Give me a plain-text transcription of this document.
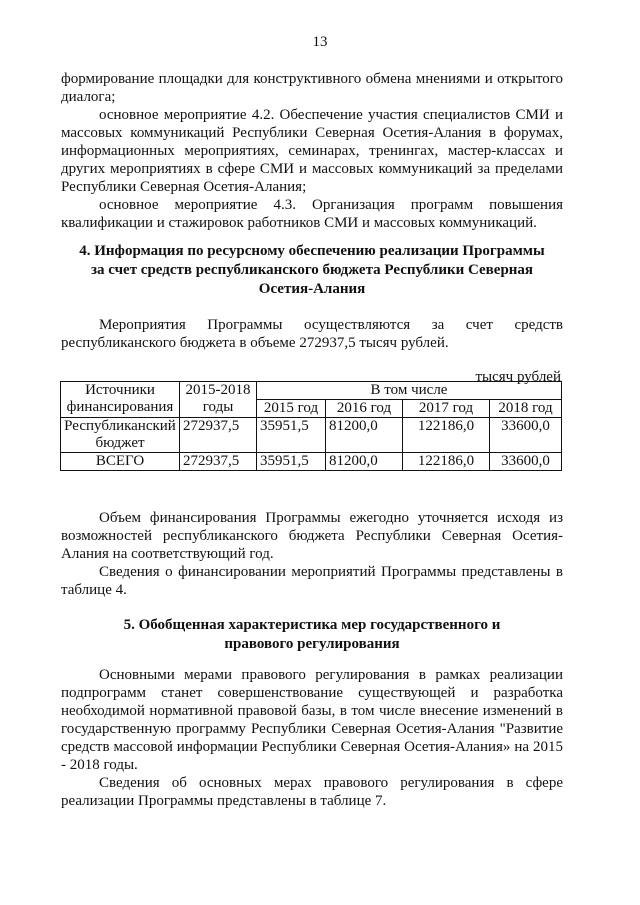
13

формирование площадки для конструктивного обмена мнениями и открытого диалога;

основное мероприятие 4.2. Обеспечение участия специалистов СМИ и массовых коммуникаций Республики Северная Осетия-Алания в форумах, информационных мероприятиях, семинарах, тренингах, мастер-классах и других мероприятиях в сфере СМИ и массовых коммуникаций за пределами Республики Северная Осетия-Алания;

основное мероприятие 4.3. Организация программ повышения квалификации и стажировок работников СМИ и массовых коммуникаций.

4. Информация по ресурсному обеспечению реализации Программы за счет средств республиканского бюджета Республики Северная Осетия-Алания
Мероприятия Программы осуществляются за счет средств республиканского бюджета в объеме 272937,5 тысяч рублей.
тысяч рублей
Источники финансирования	2015-2018 годы	В том числе			
		2015 год	2016 год	2017 год	2018 год
Республиканский бюджет	272937,5	35951,5	81200,0	122186,0	33600,0
ВСЕГО	272937,5	35951,5	81200,0	122186,0	33600,0

Объем финансирования Программы ежегодно уточняется исходя из возможностей республиканского бюджета Республики Северная Осетия-Алания на соответствующий год.

Сведения о финансировании мероприятий Программы представлены в таблице 4.

5. Обобщенная характеристика мер государственного и правового регулирования

Основными мерами правового регулирования в рамках реализации подпрограмм станет совершенствование существующей и разработка необходимой нормативной правовой базы, в том числе внесение изменений в государственную программу Республики Северная Осетия-Алания "Развитие средств массовой информации Республики Северная Осетия-Алания» на 2015 - 2018 годы.

Сведения об основных мерах правового регулирования в сфере реализации Программы представлены в таблице 7.
